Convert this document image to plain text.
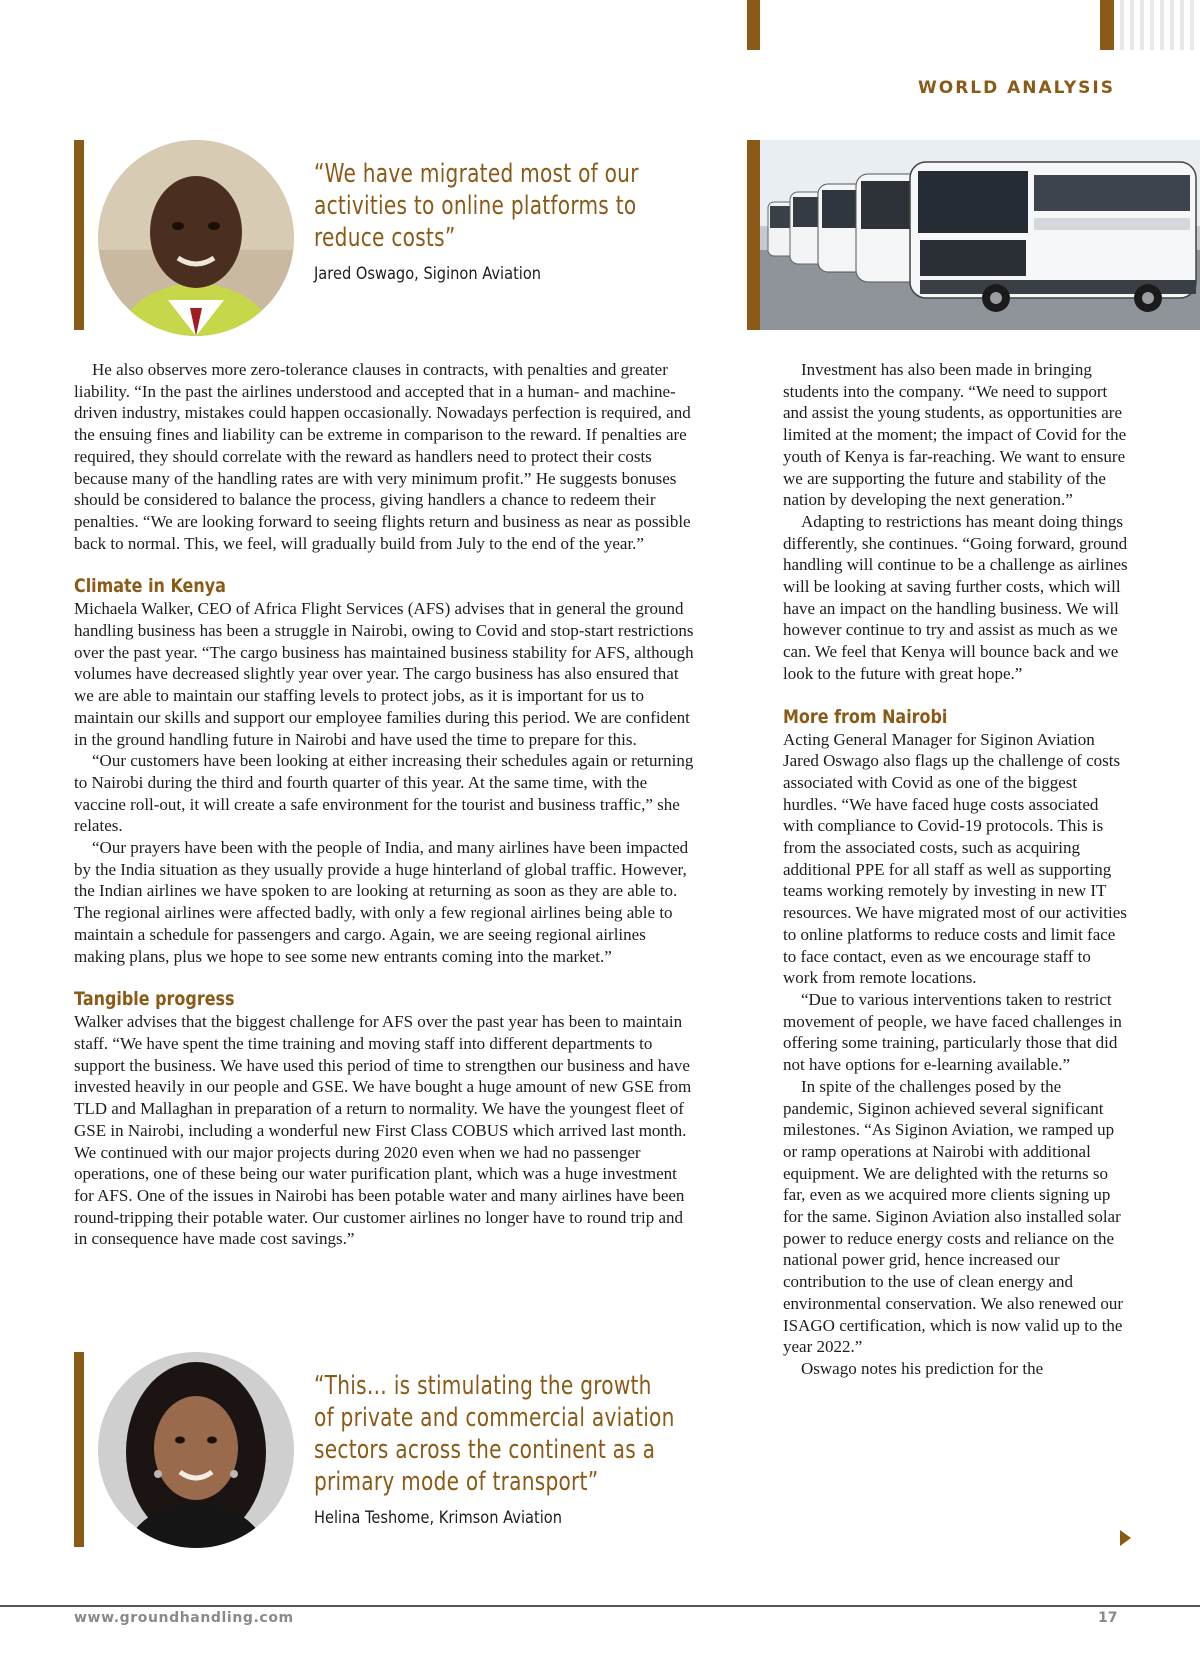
WORLD ANALYSIS
“We have migrated most of our activities to online platforms to reduce costs”
Jared Oswago, Siginon Aviation

He also observes more zero-tolerance clauses in contracts, with penalties and greater liability. “In the past the airlines understood and accepted that in a human- and machine-driven industry, mistakes could happen occasionally. Nowadays perfection is required, and the ensuing fines and liability can be extreme in comparison to the reward. If penalties are required, they should correlate with the reward as handlers need to protect their costs because many of the handling rates are with very minimum profit.” He suggests bonuses should be considered to balance the process, giving handlers a chance to redeem their penalties. “We are looking forward to seeing flights return and business as near as possible back to normal. This, we feel, will gradually build from July to the end of the year.”

Climate in Kenya

Michaela Walker, CEO of Africa Flight Services (AFS) advises that in general the ground handling business has been a struggle in Nairobi, owing to Covid and stop-start restrictions over the past year. “The cargo business has maintained business stability for AFS, although volumes have decreased slightly year over year. The cargo business has also ensured that we are able to maintain our staffing levels to protect jobs, as it is important for us to maintain our skills and support our employee families during this period. We are confident in the ground handling future in Nairobi and have used the time to prepare for this.

“Our customers have been looking at either increasing their schedules again or returning to Nairobi during the third and fourth quarter of this year. At the same time, with the vaccine roll-out, it will create a safe environment for the tourist and business traffic,” she relates.

“Our prayers have been with the people of India, and many airlines have been impacted by the India situation as they usually provide a huge hinterland of global traffic. However, the Indian airlines we have spoken to are looking at returning as soon as they are able to. The regional airlines were affected badly, with only a few regional airlines being able to maintain a schedule for passengers and cargo. Again, we are seeing regional airlines making plans, plus we hope to see some new entrants coming into the market.”

Tangible progress

Walker advises that the biggest challenge for AFS over the past year has been to maintain staff. “We have spent the time training and moving staff into different departments to support the business. We have used this period of time to strengthen our business and have invested heavily in our people and GSE. We have bought a huge amount of new GSE from TLD and Mallaghan in preparation of a return to normality. We have the youngest fleet of GSE in Nairobi, including a wonderful new First Class COBUS which arrived last month. We continued with our major projects during 2020 even when we had no passenger operations, one of these being our water purification plant, which was a huge investment for AFS. One of the issues in Nairobi has been potable water and many airlines have been round-tripping their potable water. Our customer airlines no longer have to round trip and in consequence have made cost savings.”

“This… is stimulating the growth of private and commercial aviation sectors across the continent as a primary mode of transport”
Helina Teshome, Krimson Aviation

Investment has also been made in bringing students into the company. “We need to support and assist the young students, as opportunities are limited at the moment; the impact of Covid for the youth of Kenya is far-reaching. We want to ensure we are supporting the future and stability of the nation by developing the next generation.”

Adapting to restrictions has meant doing things differently, she continues. “Going forward, ground handling will continue to be a challenge as airlines will be looking at saving further costs, which will have an impact on the handling business. We will however continue to try and assist as much as we can. We feel that Kenya will bounce back and we look to the future with great hope.”

More from Nairobi

Acting General Manager for Siginon Aviation Jared Oswago also flags up the challenge of costs associated with Covid as one of the biggest hurdles. “We have faced huge costs associated with compliance to Covid-19 protocols. This is from the associated costs, such as acquiring additional PPE for all staff as well as supporting teams working remotely by investing in new IT resources. We have migrated most of our activities to online platforms to reduce costs and limit face to face contact, even as we encourage staff to work from remote locations.

“Due to various interventions taken to restrict movement of people, we have faced challenges in offering some training, particularly those that did not have options for e-learning available.”

In spite of the challenges posed by the pandemic, Siginon achieved several significant milestones. “As Siginon Aviation, we ramped up or ramp operations at Nairobi with additional equipment. We are delighted with the returns so far, even as we acquired more clients signing up for the same. Siginon Aviation also installed solar power to reduce energy costs and reliance on the national power grid, hence increased our contribution to the use of clean energy and environmental conservation. We also renewed our ISAGO certification, which is now valid up to the year 2022.”

Oswago notes his prediction for the

www.groundhandling.com	17
